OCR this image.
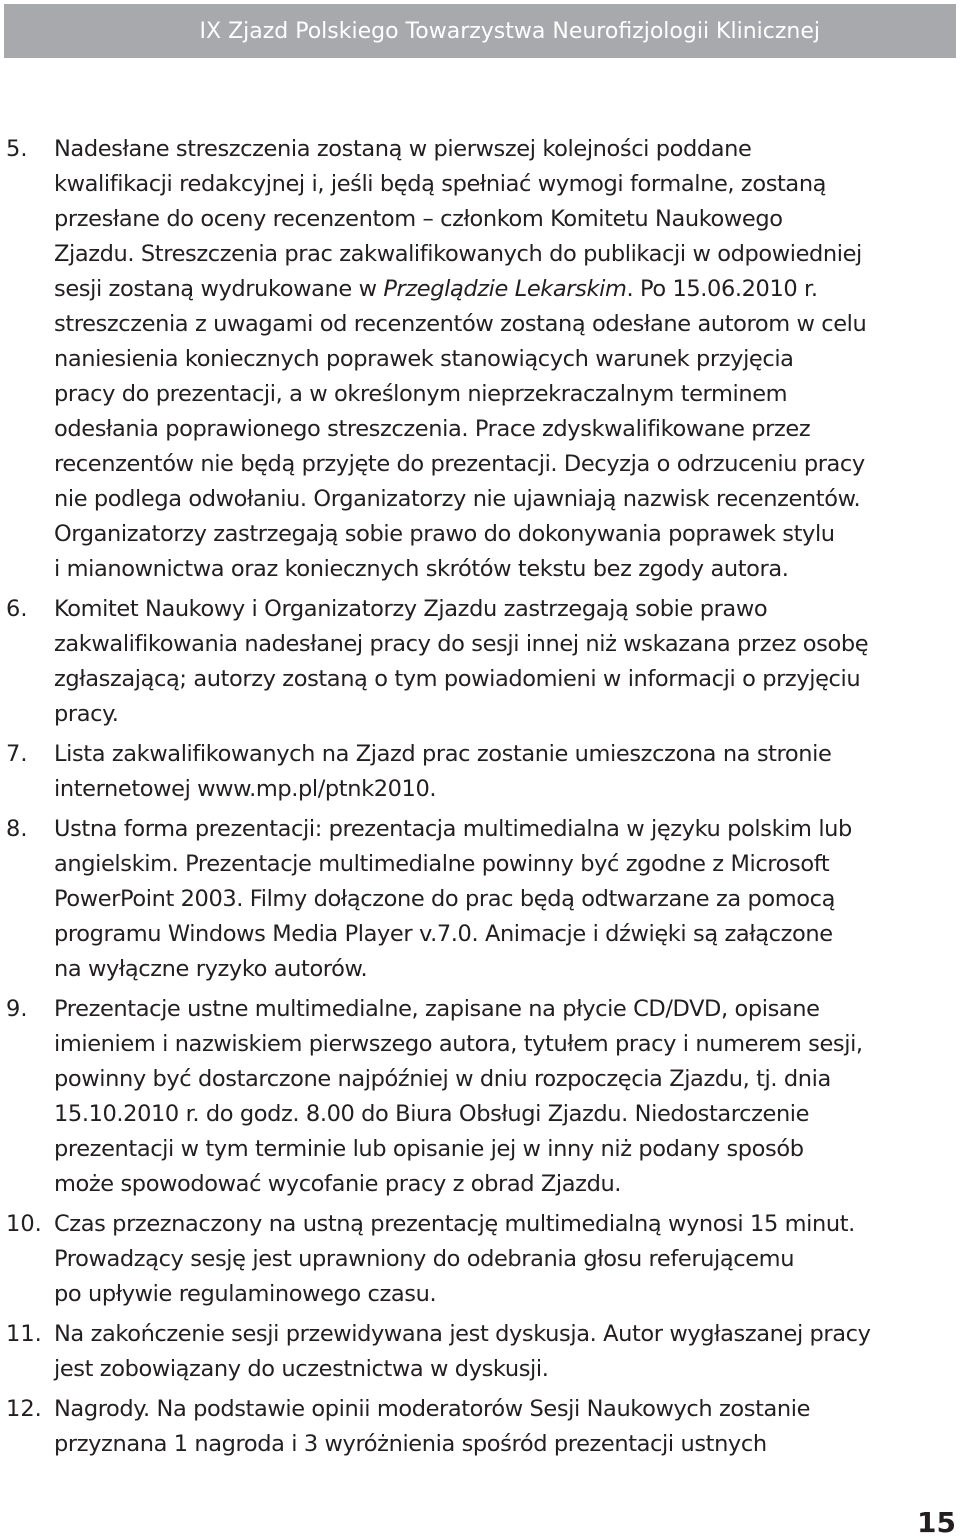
IX Zjazd Polskiego Towarzystwa Neurofizjologii Klinicznej
5. Nadesłane streszczenia zostaną w pierwszej kolejności poddane
kwalifikacji redakcyjnej i, jeśli będą spełniać wymogi formalne, zostaną
przesłane do oceny recenzentom – członkom Komitetu Naukowego
Zjazdu. Streszczenia prac zakwalifikowanych do publikacji w odpowiedniej
sesji zostaną wydrukowane w Przeglądzie Lekarskim. Po 15.06.2010 r.
streszczenia z uwagami od recenzentów zostaną odesłane autorom w celu
naniesienia koniecznych poprawek stanowiących warunek przyjęcia
pracy do prezentacji, a w określonym nieprzekraczalnym terminem
odesłania poprawionego streszczenia. Prace zdyskwalifikowane przez
recenzentów nie będą przyjęte do prezentacji. Decyzja o odrzuceniu pracy
nie podlega odwołaniu. Organizatorzy nie ujawniają nazwisk recenzentów.
Organizatorzy zastrzegają sobie prawo do dokonywania poprawek stylu
i mianownictwa oraz koniecznych skrótów tekstu bez zgody autora.
6. Komitet Naukowy i Organizatorzy Zjazdu zastrzegają sobie prawo
zakwalifikowania nadesłanej pracy do sesji innej niż wskazana przez osobę
zgłaszającą; autorzy zostaną o tym powiadomieni w informacji o przyjęciu
pracy.
7. Lista zakwalifikowanych na Zjazd prac zostanie umieszczona na stronie
internetowej www.mp.pl/ptnk2010.
8. Ustna forma prezentacji: prezentacja multimedialna w języku polskim lub
angielskim. Prezentacje multimedialne powinny być zgodne z Microsoft
PowerPoint 2003. Filmy dołączone do prac będą odtwarzane za pomocą
programu Windows Media Player v.7.0. Animacje i dźwięki są załączone
na wyłączne ryzyko autorów.
9. Prezentacje ustne multimedialne, zapisane na płycie CD/DVD, opisane
imieniem i nazwiskiem pierwszego autora, tytułem pracy i numerem sesji,
powinny być dostarczone najpóźniej w dniu rozpoczęcia Zjazdu, tj. dnia
15.10.2010 r. do godz. 8.00 do Biura Obsługi Zjazdu. Niedostarczenie
prezentacji w tym terminie lub opisanie jej w inny niż podany sposób
może spowodować wycofanie pracy z obrad Zjazdu.
10. Czas przeznaczony na ustną prezentację multimedialną wynosi 15 minut.
Prowadzący sesję jest uprawniony do odebrania głosu referującemu
po upływie regulaminowego czasu.
11. Na zakończenie sesji przewidywana jest dyskusja. Autor wygłaszanej pracy
jest zobowiązany do uczestnictwa w dyskusji.
12. Nagrody. Na podstawie opinii moderatorów Sesji Naukowych zostanie
przyznana 1 nagroda i 3 wyróżnienia spośród prezentacji ustnych
15
